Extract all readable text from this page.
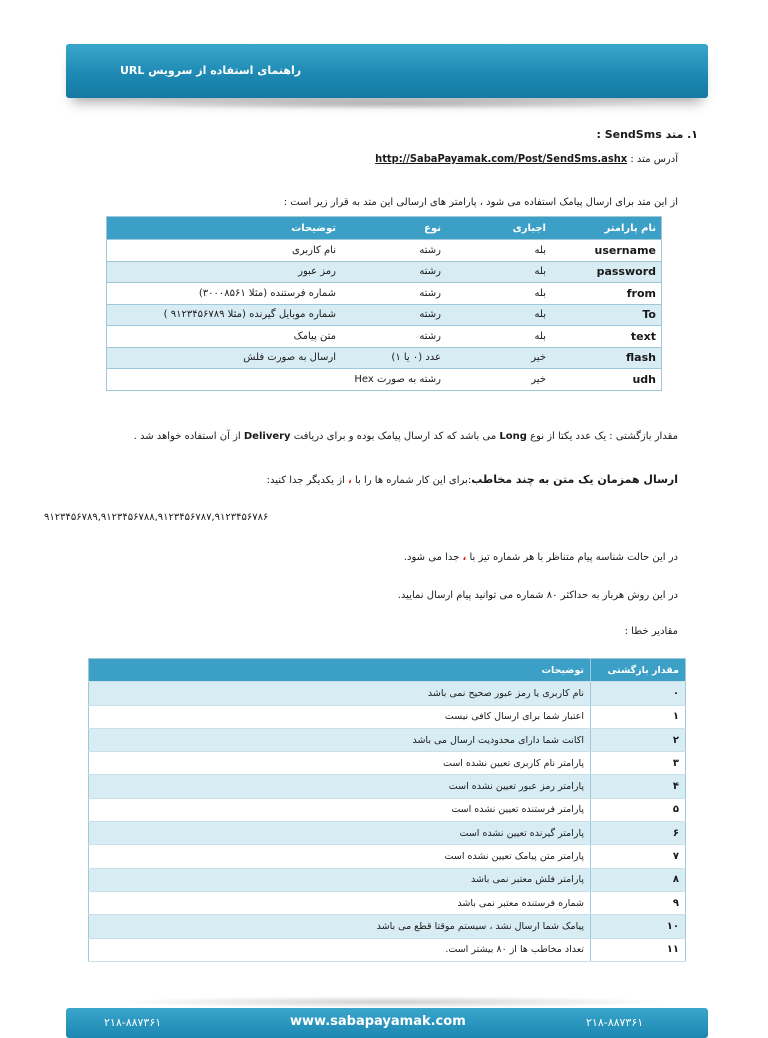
صباپیامک
سامانه هوشمند پیام کوتاه
راهنمای استفاده از سرویس URL
١. متد SendSms :
آدرس متد : http://SabaPayamak.com/Post/SendSms.ashx
از این متد برای ارسال پیامک استفاده می شود ، پارامتر های ارسالی این متد به قرار زیر است :
نام پارامتر	اجباری	نوع	توضیحات
username	بله	رشته	نام کاربری
password	بله	رشته	رمز عبور
from	بله	رشته	شماره فرستنده (مثلا ۳۰۰۰۸۵۶۱)
To	بله	رشته	شماره موبایل گیرنده (مثلا ۹۱۲۳۴۵۶۷۸۹ )
text	بله	رشته	متن پیامک
flash	خیر	عدد (۰ یا ۱)	ارسال به صورت فلش
udh	خیر	رشته به صورت Hex	
مقدار بازگشتی : یک عدد یکتا از نوع Long می باشد که کد ارسال پیامک بوده و برای دریافت Delivery از آن استفاده خواهد شد .
ارسال همزمان یک متن به چند مخاطب:برای این کار شماره ها را با ، از یکدیگر جدا کنید:
۹۱۲۳۴۵۶۷۸۹,۹۱۲۳۴۵۶۷۸۸,۹۱۲۳۴۵۶۷۸۷,۹۱۲۳۴۵۶۷۸۶
در این حالت شناسه پیام متناظر با هر شماره تیز با ، جدا می شود.
در این روش هربار به حداکثر ۸۰ شماره می توانید پیام ارسال نمایید.
مقادیر خطا :
مقدار بازگشتی	توضیحات
۰	نام کاربری یا رمز عبور صحیح نمی باشد
۱	اعتبار شما برای ارسال کافی نیست
۲	اکانت شما دارای محدودیت ارسال می باشد
۳	پارامتر نام کاربری تعیین نشده است
۴	پارامتر رمز عبور تعیین نشده است
۵	پارامتر فرستنده تعیین نشده است
۶	پارامتر گیرنده تعیین نشده است
۷	پارامتر متن پیامک تعیین نشده است
۸	پارامتر فلش معتبر نمی باشد
۹	شماره فرستنده معتبر نمی باشد
۱۰	پیامک شما ارسال نشد ، سیستم موقتا قطع می باشد
۱۱	تعداد مخاطب ها از ۸۰ بیشتر است.
۲۱۸-۸۸۷۳۶۱	www.sabapayamak.com	۲۱۸-۸۸۷۳۶۱
